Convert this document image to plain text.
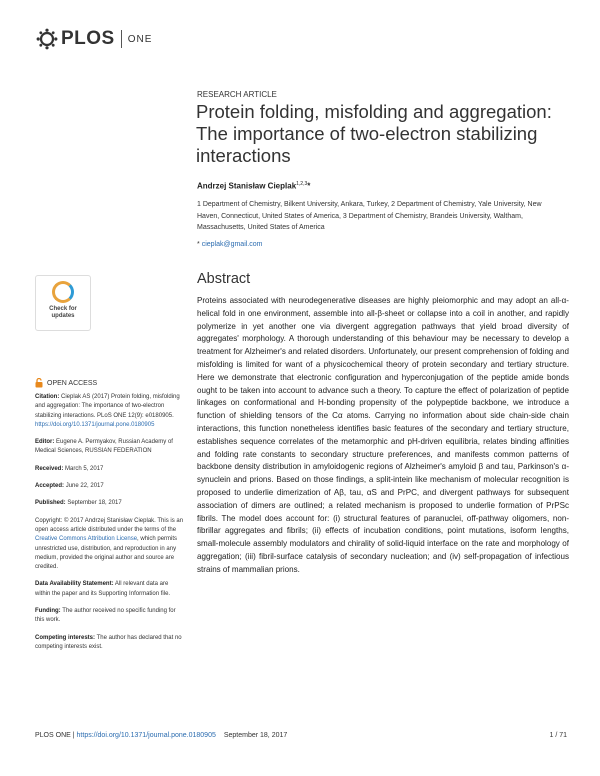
PLOS ONE
RESEARCH ARTICLE
Protein folding, misfolding and aggregation:
The importance of two-electron stabilizing
interactions
Andrzej Stanisław Cieplak$^{1,2,3}$*
1 Department of Chemistry, Bilkent University, Ankara, Turkey, 2 Department of Chemistry, Yale University, New Haven, Connecticut, United States of America, 3 Department of Chemistry, Brandeis University, Waltham, Massachusetts, United States of America
* cieplak@gmail.com
Check for
updates
Abstract

Proteins associated with neurodegenerative diseases are highly pleiomorphic and may adopt an all-α-helical fold in one environment, assemble into all-β-sheet or collapse into a coil in another, and rapidly polymerize in yet another one via divergent aggregation pathways that yield broad diversity of aggregates' morphology. A thorough understanding of this behaviour may be necessary to develop a treatment for Alzheimer's and related disorders. Unfortunately, our present comprehension of folding and misfolding is limited for want of a physicochemical theory of protein secondary and tertiary structure. Here we demonstrate that electronic configuration and hyperconjugation of the peptide amide bonds ought to be taken into account to advance such a theory. To capture the effect of polarization of peptide linkages on conformational and H-bonding propensity of the polypeptide backbone, we introduce a function of shielding tensors of the Cα atoms. Carrying no information about side chain-side chain interactions, this function nonetheless identifies basic features of the secondary and tertiary structure, establishes sequence correlates of the metamorphic and pH-driven equilibria, relates binding affinities and folding rate constants to secondary structure preferences, and manifests common patterns of backbone density distribution in amyloidogenic regions of Alzheimer's amyloid β and tau, Parkinson's α-synuclein and prions. Based on those findings, a split-intein like mechanism of molecular recognition is proposed to underlie dimerization of Aβ, tau, αS and PrPC, and divergent pathways for subsequent association of dimers are outlined; a related mechanism is proposed to underlie formation of PrPSc fibrils. The model does account for: (i) structural features of paranuclei, off-pathway oligomers, non-fibrillar aggregates and fibrils; (ii) effects of incubation conditions, point mutations, isoform lengths, small-molecule assembly modulators and chirality of solid-liquid interface on the rate and morphology of aggregation; (iii) fibril-surface catalysis of secondary nucleation; and (iv) self-propagation of infectious strains of mammalian prions.

OPEN ACCESS
Citation: Cieplak AS (2017) Protein folding, misfolding and aggregation: The importance of two-electron stabilizing interactions. PLoS ONE 12(9): e0180905. https://doi.org/10.1371/journal.pone.0180905
Editor: Eugene A. Permyakov, Russian Academy of Medical Sciences, RUSSIAN FEDERATION
Received: March 5, 2017
Accepted: June 22, 2017
Published: September 18, 2017
Copyright: © 2017 Andrzej Stanisław Cieplak. This is an open access article distributed under the terms of the Creative Commons Attribution License, which permits unrestricted use, distribution, and reproduction in any medium, provided the original author and source are credited.
Data Availability Statement: All relevant data are within the paper and its Supporting Information file.
Funding: The author received no specific funding for this work.
Competing interests: The author has declared that no competing interests exist.
PLOS ONE | https://doi.org/10.1371/journal.pone.0180905 September 18, 2017	1 / 71
